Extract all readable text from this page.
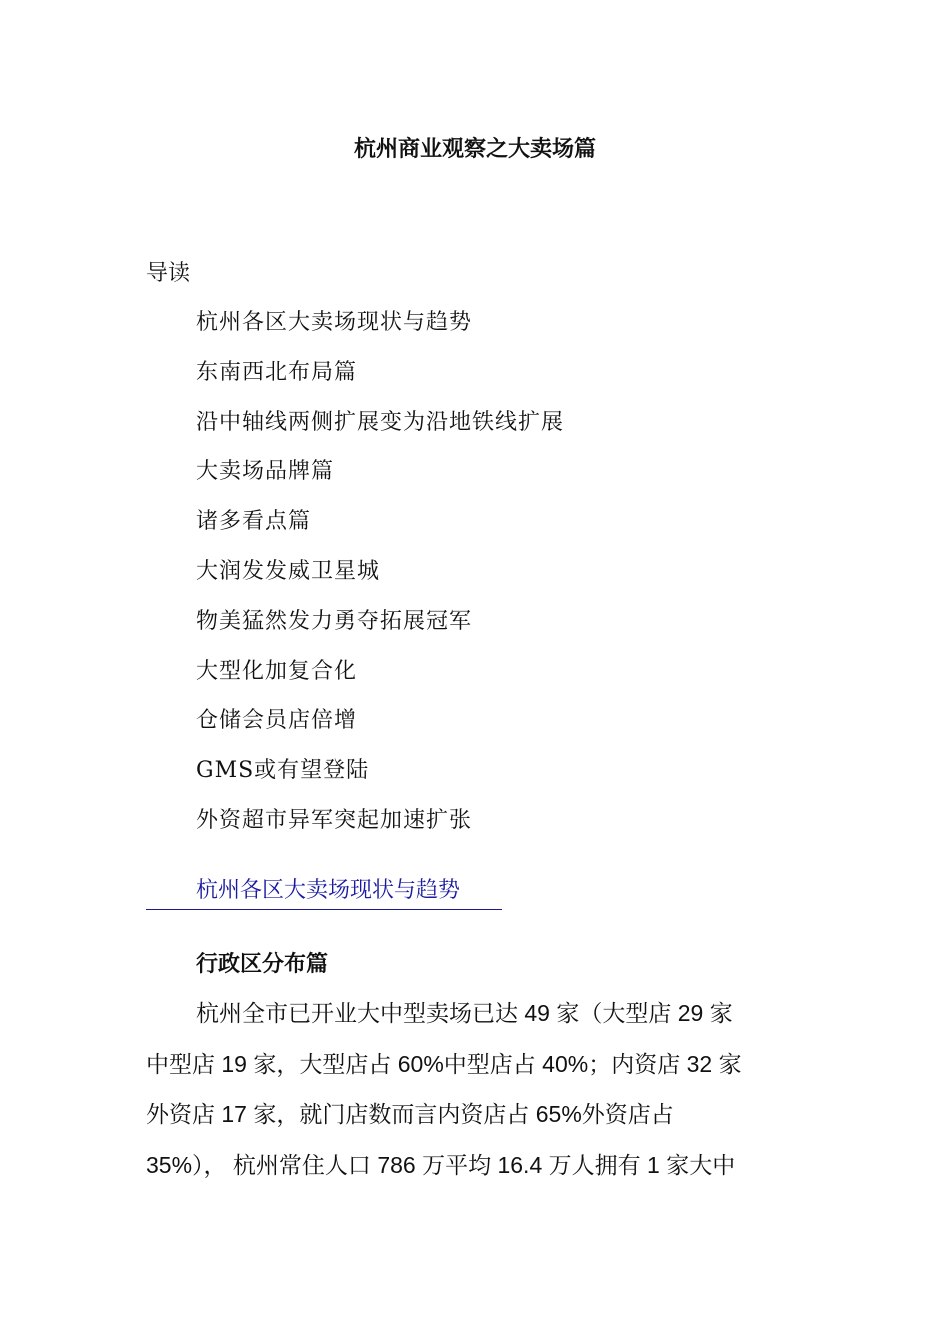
杭州商业观察之大卖场篇
导读
杭州各区大卖场现状与趋势
东南西北布局篇
沿中轴线两侧扩展变为沿地铁线扩展
大卖场品牌篇
诸多看点篇
大润发发威卫星城
物美猛然发力勇夺拓展冠军
大型化加复合化
仓储会员店倍增
GMS或有望登陆
外资超市异军突起加速扩张
杭州各区大卖场现状与趋势
行政区分布篇
杭州全市已开业大中型卖场已达 49 家（大型店 29 家
中型店 19 家，大型店占 60%中型店占 40%；内资店 32 家
外资店 17 家，就门店数而言内资店占 65%外资店占
35%）， 杭州常住人口 786 万平均 16.4 万人拥有 1 家大中
